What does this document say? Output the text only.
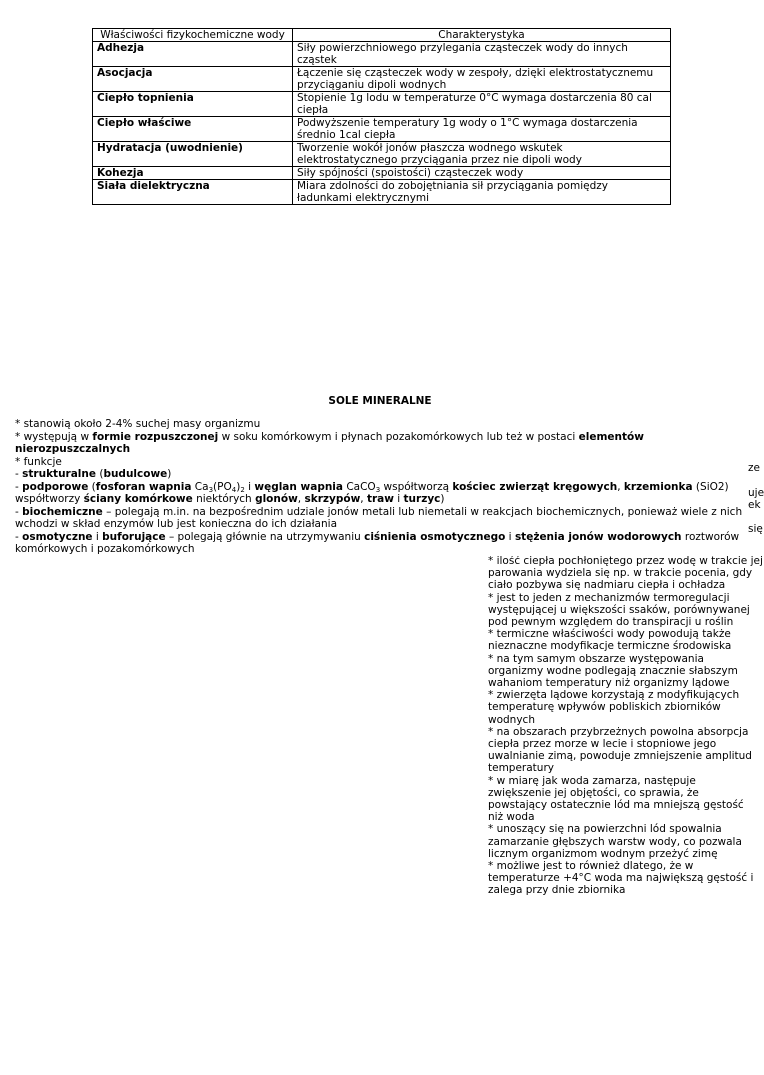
Właściwości fizykochemiczne wody	Charakterystyka
Adhezja	Siły powierzchniowego przylegania cząsteczek wody do innych cząstek
Asocjacja	Łączenie się cząsteczek wody w zespoły, dzięki elektrostatycznemu przyciąganiu dipoli wodnych
Ciepło topnienia	Stopienie 1g lodu w temperaturze 0°C wymaga dostarczenia 80 cal ciepła
Ciepło właściwe	Podwyższenie temperatury 1g wody o 1°C wymaga dostarczenia średnio 1cal ciepła
Hydratacja (uwodnienie)	Tworzenie wokół jonów płaszcza wodnego wskutek elektrostatycznego przyciągania przez nie dipoli wody
Kohezja	Siły spójności (spoistości) cząsteczek wody
Siała dielektryczna	Miara zdolności do zobojętniania sił przyciągania pomiędzy ładunkami elektrycznymi
ze
uje
ek
się
SOLE MINERALNE

* stanowią około 2-4% suchej masy organizmu

* występują w formie rozpuszczonej w soku komórkowym i płynach pozakomórkowych lub też w postaci elementów nierozpuszczalnych

* funkcje

- strukturalne (budulcowe)

- podporowe (fosforan wapnia $Ca_3(PO_4)_2$ i węglan wapnia CaCO$_3$ współtworzą kościec zwierząt kręgowych, krzemionka (SiO2) współtworzy ściany komórkowe niektórych glonów, skrzypów, traw i turzyc)

- biochemiczne – polegają m.in. na bezpośrednim udziale jonów metali lub niemetali w reakcjach biochemicznych, ponieważ wiele z nich wchodzi w skład enzymów lub jest konieczna do ich działania

- osmotyczne i buforujące – polegają głównie na utrzymywaniu ciśnienia osmotycznego i stężenia jonów wodorowych roztworów komórkowych i pozakomórkowych

* ilość ciepła pochłoniętego przez wodę w trakcie jej

parowania wydziela się np. w trakcie pocenia, gdy ciało pozbywa się nadmiaru ciepła i ochładza

* jest to jeden z mechanizmów termoregulacji występującej u większości ssaków, porównywanej pod pewnym względem do transpiracji u roślin

* termiczne właściwości wody powodują także nieznaczne modyfikacje termiczne środowiska

* na tym samym obszarze występowania organizmy wodne podlegają znacznie słabszym wahaniom temperatury niż organizmy lądowe

* zwierzęta lądowe korzystają z modyfikujących temperaturę wpływów pobliskich zbiorników wodnych

* na obszarach przybrzeżnych powolna absorpcja ciepła przez morze w lecie i stopniowe jego uwalnianie zimą, powoduje zmniejszenie amplitud temperatury

* w miarę jak woda zamarza, następuje zwiększenie jej objętości, co sprawia, że powstający ostatecznie lód ma mniejszą gęstość niż woda

* unoszący się na powierzchni lód spowalnia zamarzanie głębszych warstw wody, co pozwala licznym organizmom wodnym przeżyć zimę

* możliwe jest to również dlatego, że w temperaturze +4°C woda ma największą gęstość i zalega przy dnie zbiornika
